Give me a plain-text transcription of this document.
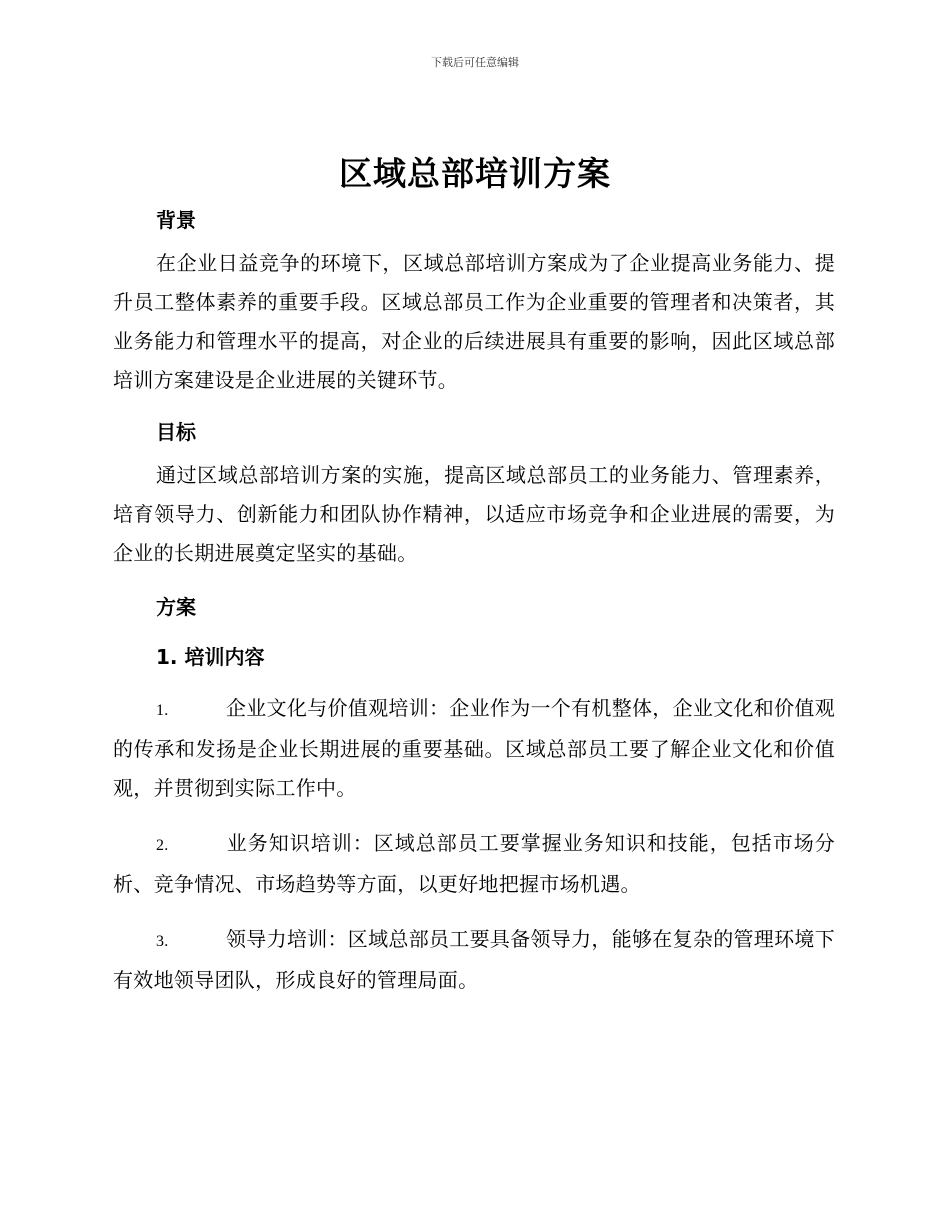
下载后可任意编辑
区域总部培训方案
背景

在企业日益竞争的环境下，区域总部培训方案成为了企业提高业务能力、提升员工整体素养的重要手段。区域总部员工作为企业重要的管理者和决策者，其业务能力和管理水平的提高，对企业的后续进展具有重要的影响，因此区域总部培训方案建设是企业进展的关键环节。

目标

通过区域总部培训方案的实施，提高区域总部员工的业务能力、管理素养，培育领导力、创新能力和团队协作精神，以适应市场竞争和企业进展的需要，为企业的长期进展奠定坚实的基础。

方案
1. 培训内容

1.	企业文化与价值观培训：企业作为一个有机整体，企业文化和价值观的传承和发扬是企业长期进展的重要基础。区域总部员工要了解企业文化和价值观，并贯彻到实际工作中。

2.	业务知识培训：区域总部员工要掌握业务知识和技能，包括市场分析、竞争情况、市场趋势等方面，以更好地把握市场机遇。

3.	领导力培训：区域总部员工要具备领导力，能够在复杂的管理环境下有效地领导团队，形成良好的管理局面。
